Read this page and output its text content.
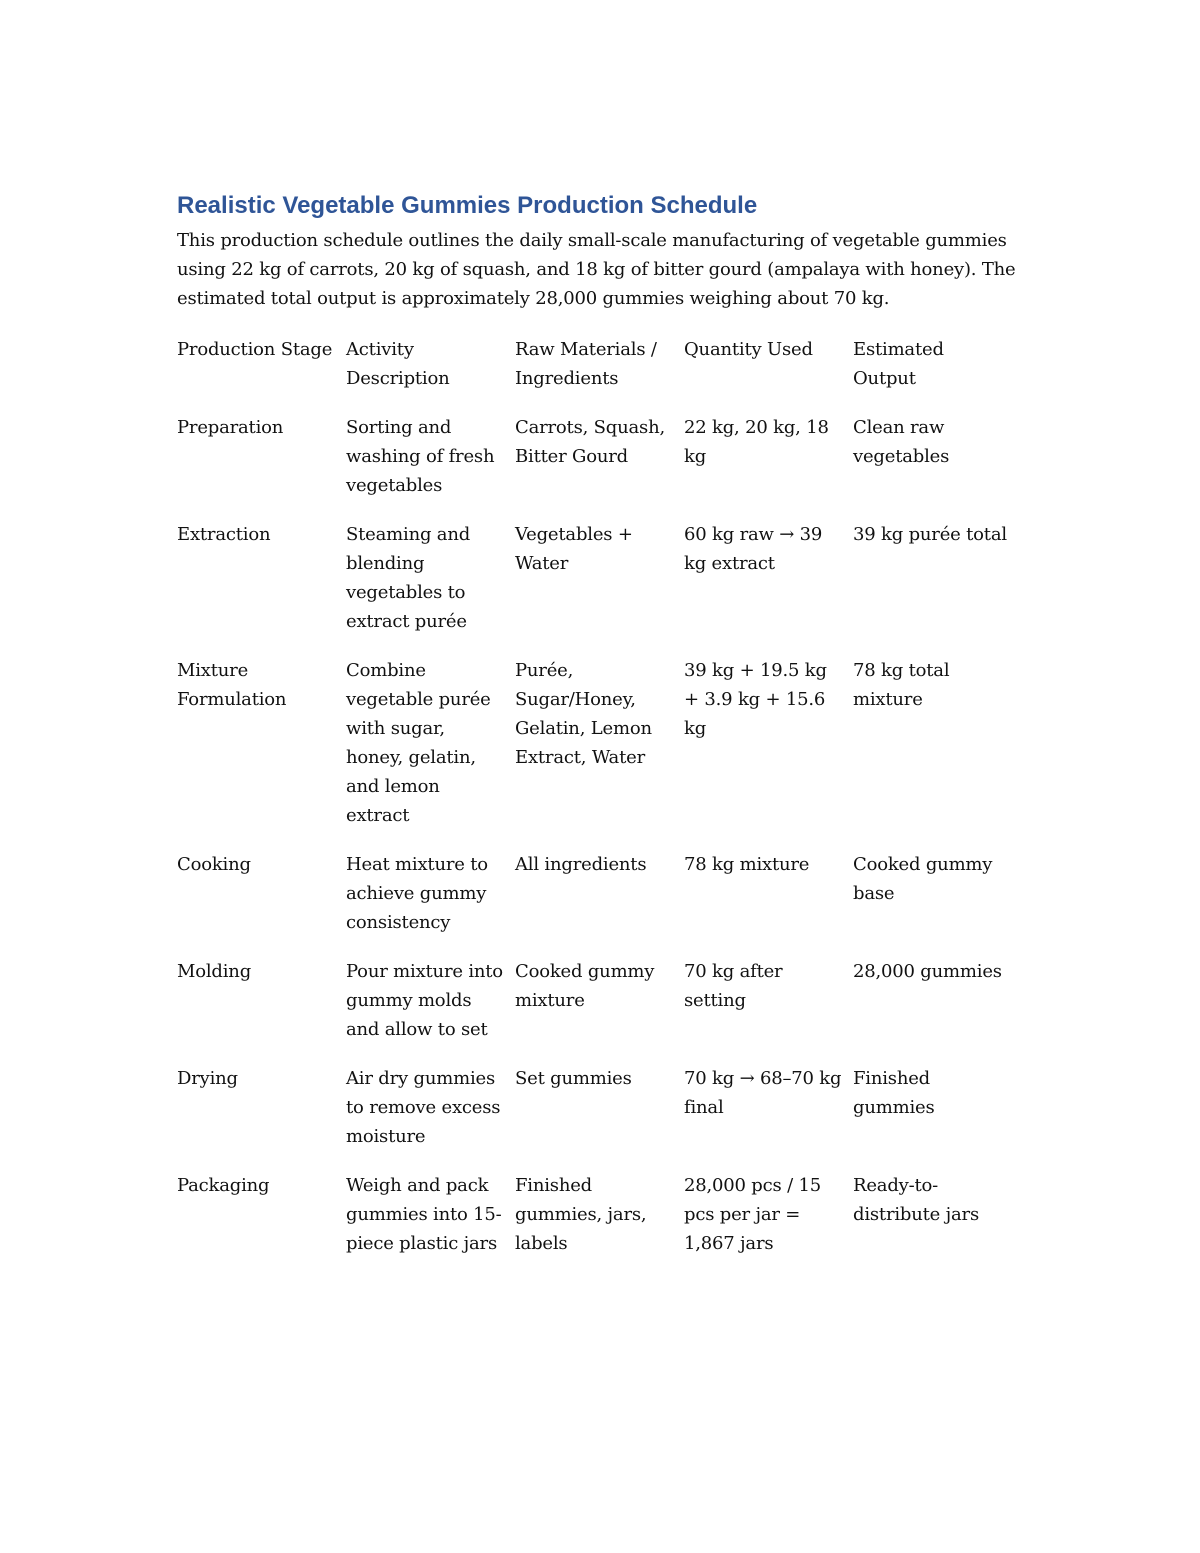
Realistic Vegetable Gummies Production Schedule

This production schedule outlines the daily small-scale manufacturing of vegetable gummies using 22 kg of carrots, 20 kg of squash, and 18 kg of bitter gourd (ampalaya with honey). The estimated total output is approximately 28,000 gummies weighing about 70 kg.

Production Stage	Activity Description	Raw Materials / Ingredients	Quantity Used	Estimated Output
Preparation	Sorting and washing of fresh vegetables	Carrots, Squash, Bitter Gourd	22 kg, 20 kg, 18 kg	Clean raw vegetables
Extraction	Steaming and blending vegetables to extract purée	Vegetables + Water	60 kg raw → 39 kg extract	39 kg purée total
Mixture Formulation	Combine vegetable purée with sugar, honey, gelatin, and lemon extract	Purée, Sugar/Honey, Gelatin, Lemon Extract, Water	39 kg + 19.5 kg + 3.9 kg + 15.6 kg	78 kg total mixture
Cooking	Heat mixture to achieve gummy consistency	All ingredients	78 kg mixture	Cooked gummy base
Molding	Pour mixture into gummy molds and allow to set	Cooked gummy mixture	70 kg after setting	28,000 gummies
Drying	Air dry gummies to remove excess moisture	Set gummies	70 kg → 68–70 kg final	Finished gummies
Packaging	Weigh and pack gummies into 15-piece plastic jars	Finished gummies, jars, labels	28,000 pcs / 15 pcs per jar = 1,867 jars	Ready-to-distribute jars
